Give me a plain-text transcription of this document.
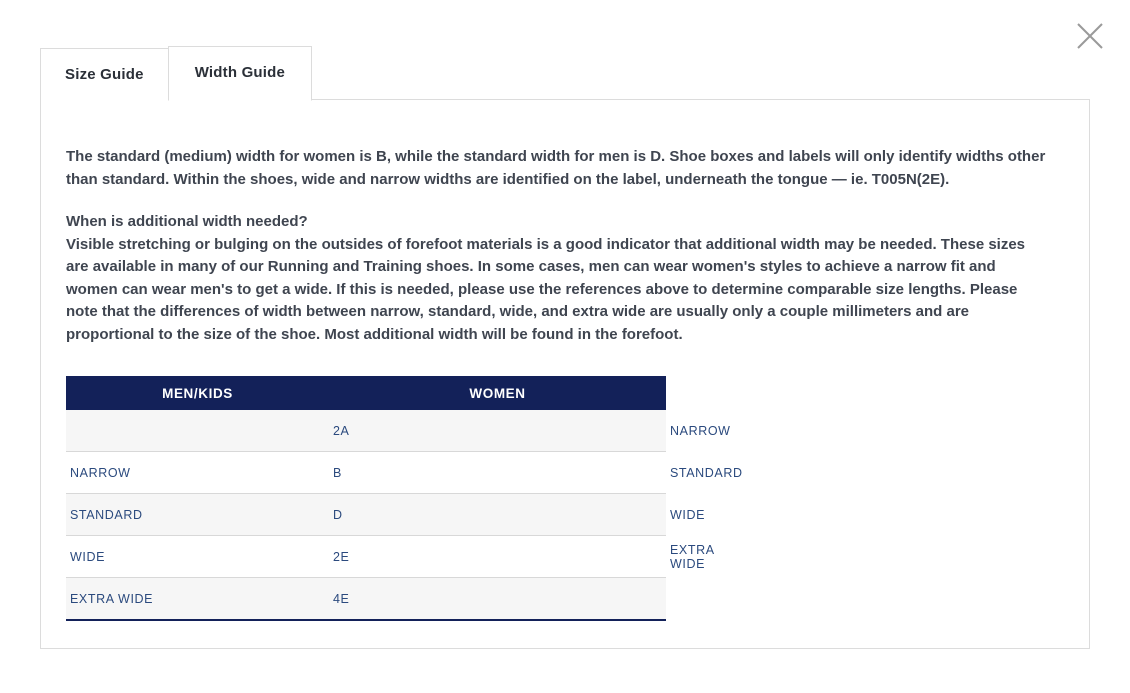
Size Guide	Width Guide

The standard (medium) width for women is B, while the standard width for men is D. Shoe boxes and labels will only identify widths other than standard. Within the shoes, wide and narrow widths are identified on the label, underneath the tongue — ie. T005N(2E).

When is additional width needed?

Visible stretching or bulging on the outsides of forefoot materials is a good indicator that additional width may be needed. These sizes are available in many of our Running and Training shoes. In some cases, men can wear women's styles to achieve a narrow fit and women can wear men's to get a wide. If this is needed, please use the references above to determine comparable size lengths. Please note that the differences of width between narrow, standard, wide, and extra wide are usually only a couple millimeters and are proportional to the size of the shoe. Most additional width will be found in the forefoot.

MEN/KIDS	WOMEN	
	2A	NARROW
NARROW	B	STANDARD
STANDARD	D	WIDE
WIDE	2E	EXTRA WIDE
EXTRA WIDE	4E	
